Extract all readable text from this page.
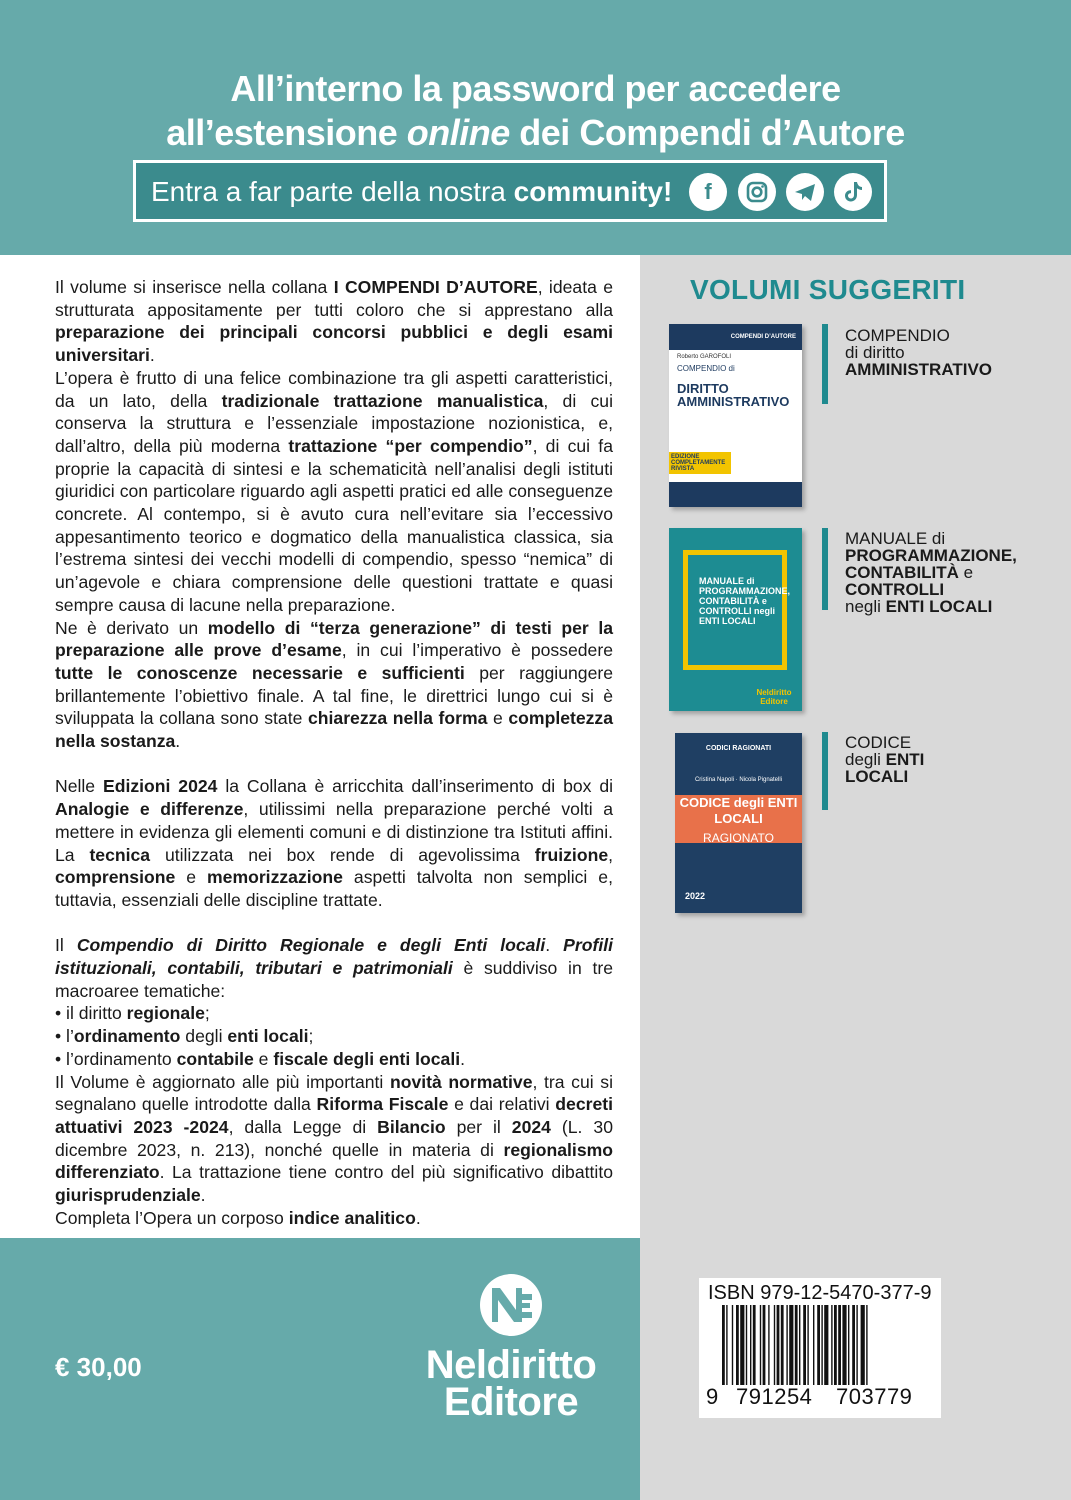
All’interno la password per accedere
all’estensione online dei Compendi d’Autore
Entra a far parte della nostra community!	f
VOLUMI SUGGERITI
COMPENDI D’AUTORE
Roberto GAROFOLI
COMPENDIO di
DIRITTO AMMINISTRATIVO
EDIZIONE COMPLETAMENTE RIVISTA
COMPENDIO
di diritto
AMMINISTRATIVO
MANUALE di PROGRAMMAZIONE, CONTABILITÀ e CONTROLLI negli ENTI LOCALI
Neldiritto Editore
MANUALE di
PROGRAMMAZIONE,
CONTABILITÀ e
CONTROLLI
negli ENTI LOCALI
CODICI RAGIONATI
Cristina Napoli · Nicola Pignatelli
CODICE degli ENTI LOCALI
RAGIONATO
2022
CODICE
degli ENTI
LOCALI

Il volume si inserisce nella collana I COMPENDI D’AUTORE, ideata e strutturata appositamente per tutti coloro che si apprestano alla preparazione dei principali concorsi pubblici e degli esami universitari.

L’opera è frutto di una felice combinazione tra gli aspetti caratteristici, da un lato, della tradizionale trattazione manualistica, di cui conserva la struttura e l’essenziale impostazione nozionistica, e, dall’altro, della più moderna trattazione “per compendio”, di cui fa proprie la capacità di sintesi e la schematicità nell’analisi degli istituti giuridici con particolare riguardo agli aspetti pratici ed alle conseguenze concrete. Al contempo, si è avuto cura nell’evitare sia l’eccessivo appesantimento teorico e dogmatico della manualistica classica, sia l’estrema sintesi dei vecchi modelli di compendio, spesso “nemica” di un’agevole e chiara comprensione delle questioni trattate e quasi sempre causa di lacune nella preparazione.

Ne è derivato un modello di “terza generazione” di testi per la preparazione alle prove d’esame, in cui l’imperativo è possedere tutte le conoscenze necessarie e sufficienti per raggiungere brillantemente l’obiettivo finale. A tal fine, le direttrici lungo cui si è sviluppata la collana sono state chiarezza nella forma e completezza nella sostanza.

Nelle Edizioni 2024 la Collana è arricchita dall’inserimento di box di Analogie e differenze, utilissimi nella preparazione perché volti a mettere in evidenza gli elementi comuni e di distinzione tra Istituti affini. La tecnica utilizzata nei box rende di agevolissima fruizione, comprensione e memorizzazione aspetti talvolta non semplici e, tuttavia, essenziali delle discipline trattate.

Il Compendio di Diritto Regionale e degli Enti locali. Profili istituzionali, contabili, tributari e patrimoniali è suddiviso in tre macroaree tematiche:

• il diritto regionale;

• l’ordinamento degli enti locali;

• l’ordinamento contabile e fiscale degli enti locali.

Il Volume è aggiornato alle più importanti novità normative, tra cui si segnalano quelle introdotte dalla Riforma Fiscale e dai relativi decreti attuativi 2023 -2024, dalla Legge di Bilancio per il 2024 (L. 30 dicembre 2023, n. 213), nonché quelle in materia di regionalismo differenziato. La trattazione tiene contro del più significativo dibattito giurisprudenziale.

Completa l’Opera un corposo indice analitico.

€ 30,00	Neldiritto
Editore
ISBN 979-12-5470-377-9
9 791254 703779
